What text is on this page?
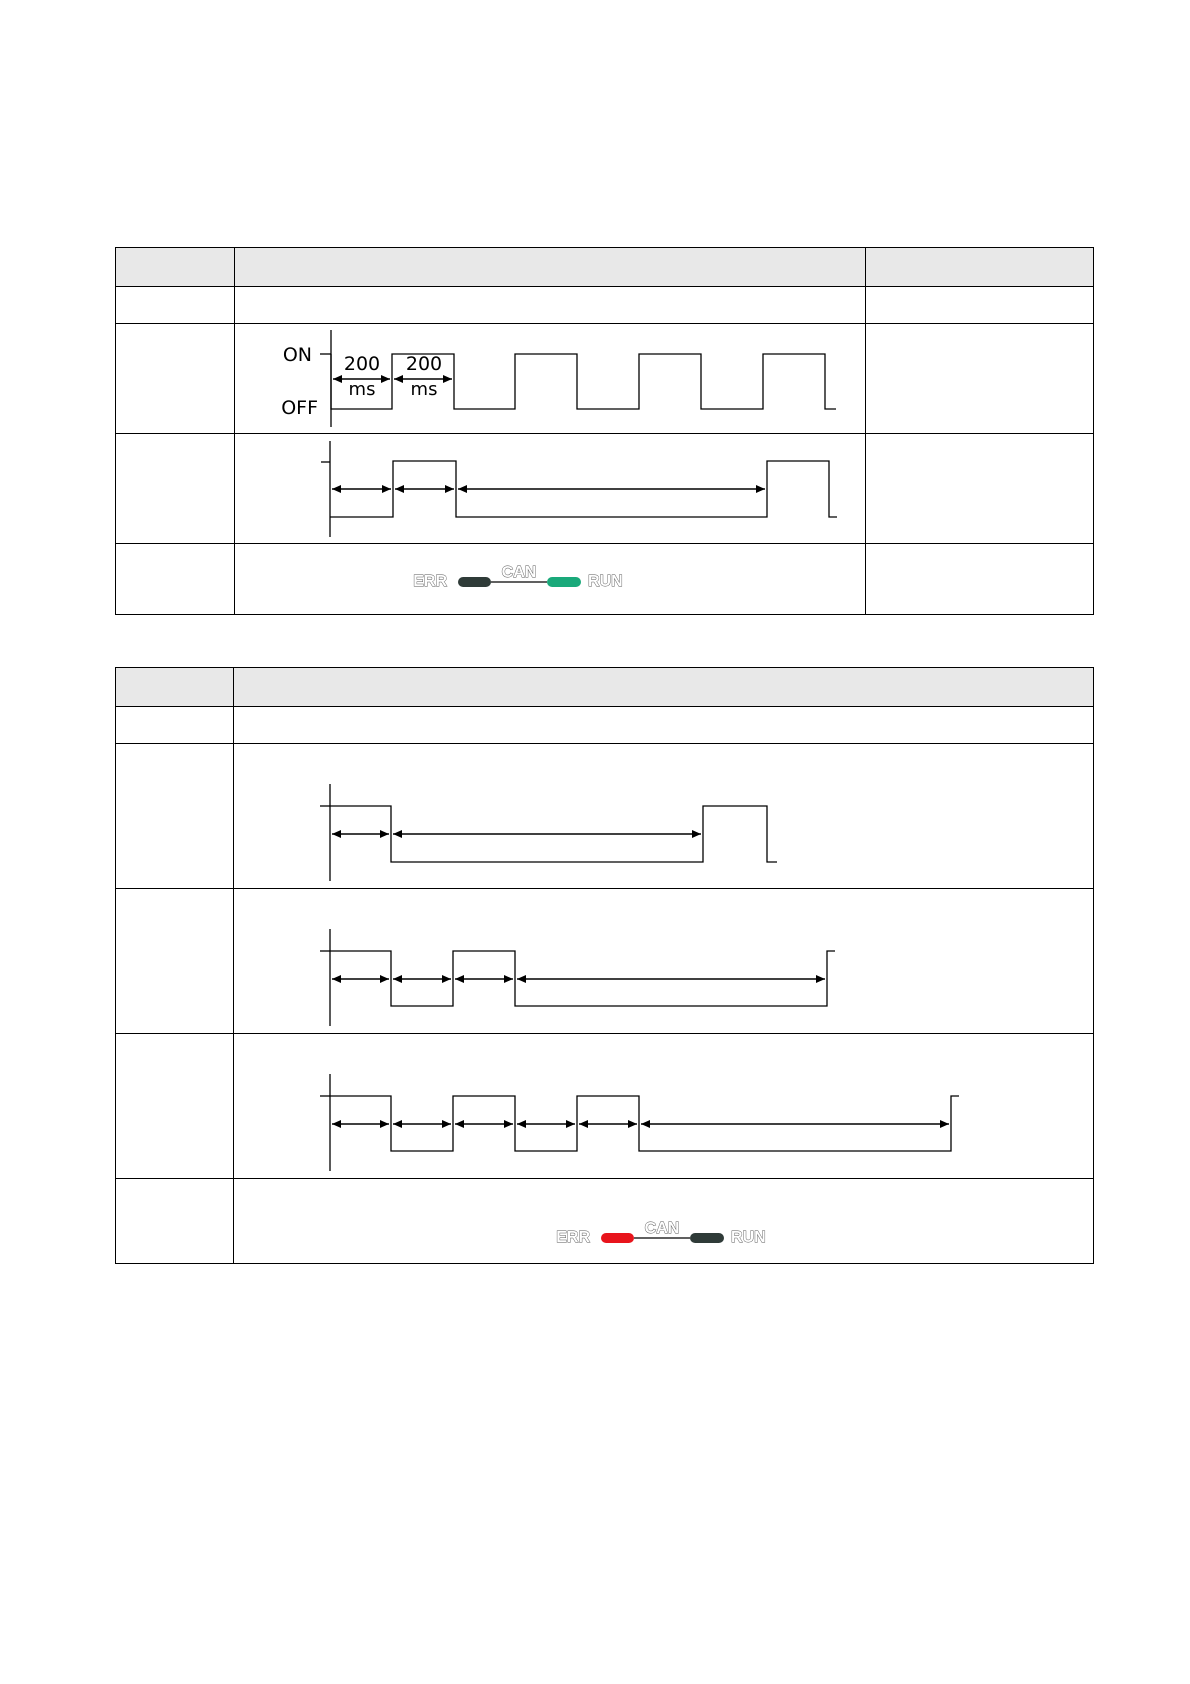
ON
OFF
200
ms
200
ms
ERR
CAN
RUN
ERR
CAN
RUN
